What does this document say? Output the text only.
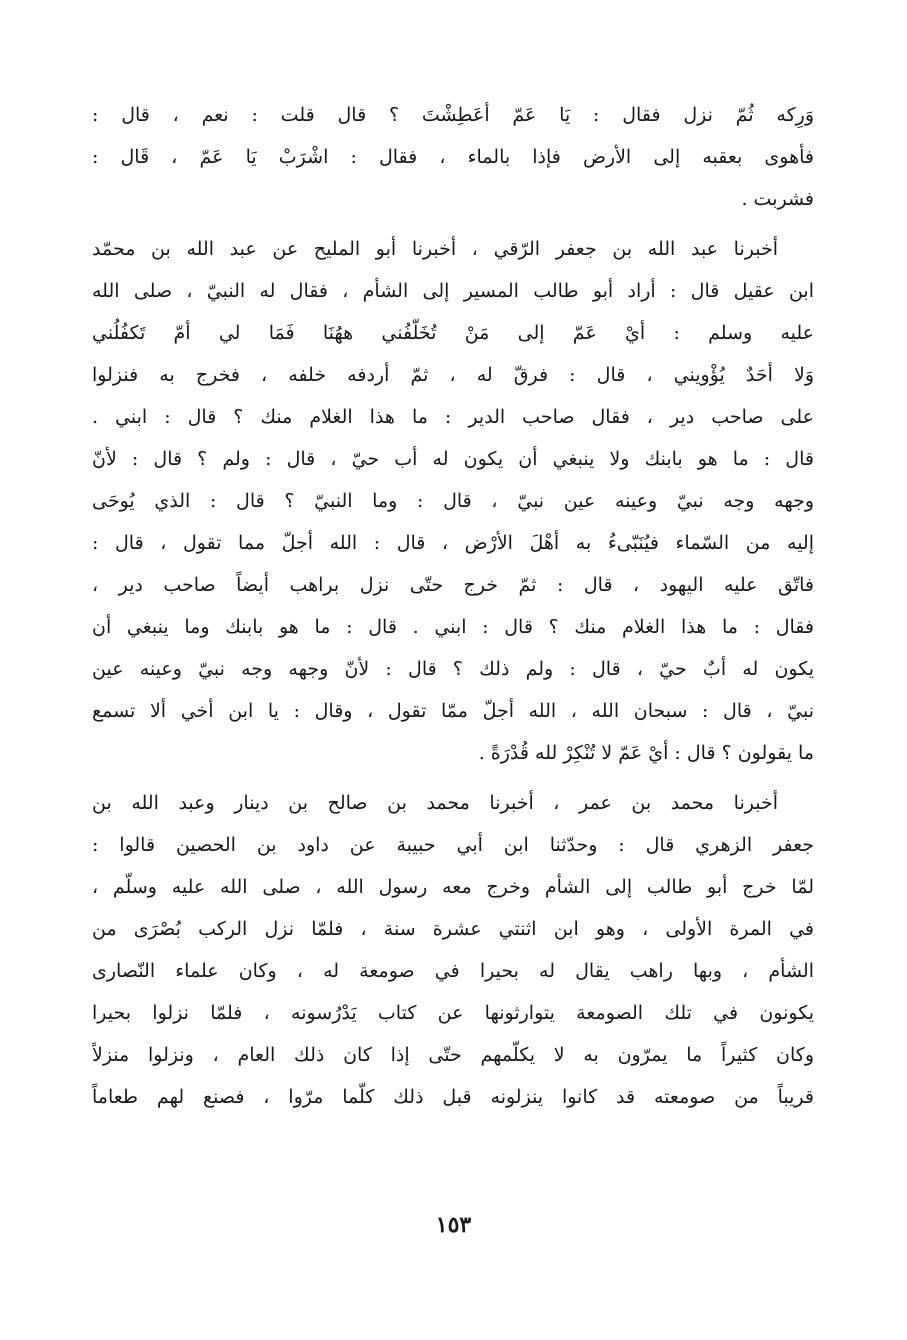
وَرِكه ثُمّ نزل فقال : يَا عَمّ أعَطِشْتَ ؟ قال قلت : نعم ، قال :
فأهوى بعقبه إلى الأرض فإذا بالماء ، فقال : اشْرَبْ يَا عَمّ ، قَال :
فشربت .
أخبرنا عبد الله بن جعفر الرّقي ، أخبرنا أبو المليح عن عبد الله بن محمّد
ابن عقيل قال : أراد أبو طالب المسير إلى الشأم ، فقال له النبيّ ، صلى الله
عليه وسلم : أيْ عَمّ إلى مَنْ تُخَلّفُني ههُنَا فَمَا لي أمّ تَكفُلُني
وَلا أحَدٌ يُؤْويني ، قال : فرقّ له ، ثمّ أردفه خلفه ، فخرج به فنزلوا
على صاحب دير ، فقال صاحب الدير : ما هذا الغلام منك ؟ قال : ابني .
قال : ما هو بابنك ولا ينبغي أن يكون له أب حيّ ، قال : ولم ؟ قال : لأنّ
وجهه وجه نبيّ وعينه عين نبيّ ، قال : وما النبيّ ؟ قال : الذي يُوحَى
إليه من السّماء فيُنَبّىءُ به أهْلَ الأرْض ، قال : الله أجلّ مما تقول ، قال :
فاتّق عليه اليهود ، قال : ثمّ خرج حتّى نزل براهب أيضاً صاحب دير ،
فقال : ما هذا الغلام منك ؟ قال : ابني . قال : ما هو بابنك وما ينبغي أن
يكون له أبٌ حيّ ، قال : ولم ذلك ؟ قال : لأنّ وجهه وجه نبيّ وعينه عين
نبيّ ، قال : سبحان الله ، الله أجلّ ممّا تقول ، وقال : يا ابن أخي ألا تسمع
ما يقولون ؟ قال : أيْ عَمّ لا تُنْكِرْ لله قُدْرَةً .
أخبرنا محمد بن عمر ، أخبرنا محمد بن صالح بن دينار وعبد الله بن
جعفر الزهري قال : وحدّثنا ابن أبي حبيبة عن داود بن الحصين قالوا :
لمّا خرج أبو طالب إلى الشأم وخرج معه رسول الله ، صلى الله عليه وسلّم ،
في المرة الأولى ، وهو ابن اثنتي عشرة سنة ، فلمّا نزل الركب بُصْرَى من
الشأم ، وبها راهب يقال له بحيرا في صومعة له ، وكان علماء النّصارى
يكونون في تلك الصومعة يتوارثونها عن كتاب يَدْرُسونه ، فلمّا نزلوا بحيرا
وكان كثيراً ما يمرّون به لا يكلّمهم حتّى إذا كان ذلك العام ، ونزلوا منزلاً
قريباً من صومعته قد كانوا ينزلونه قبل ذلك كلّما مرّوا ، فصنع لهم طعاماً
١٥٣
